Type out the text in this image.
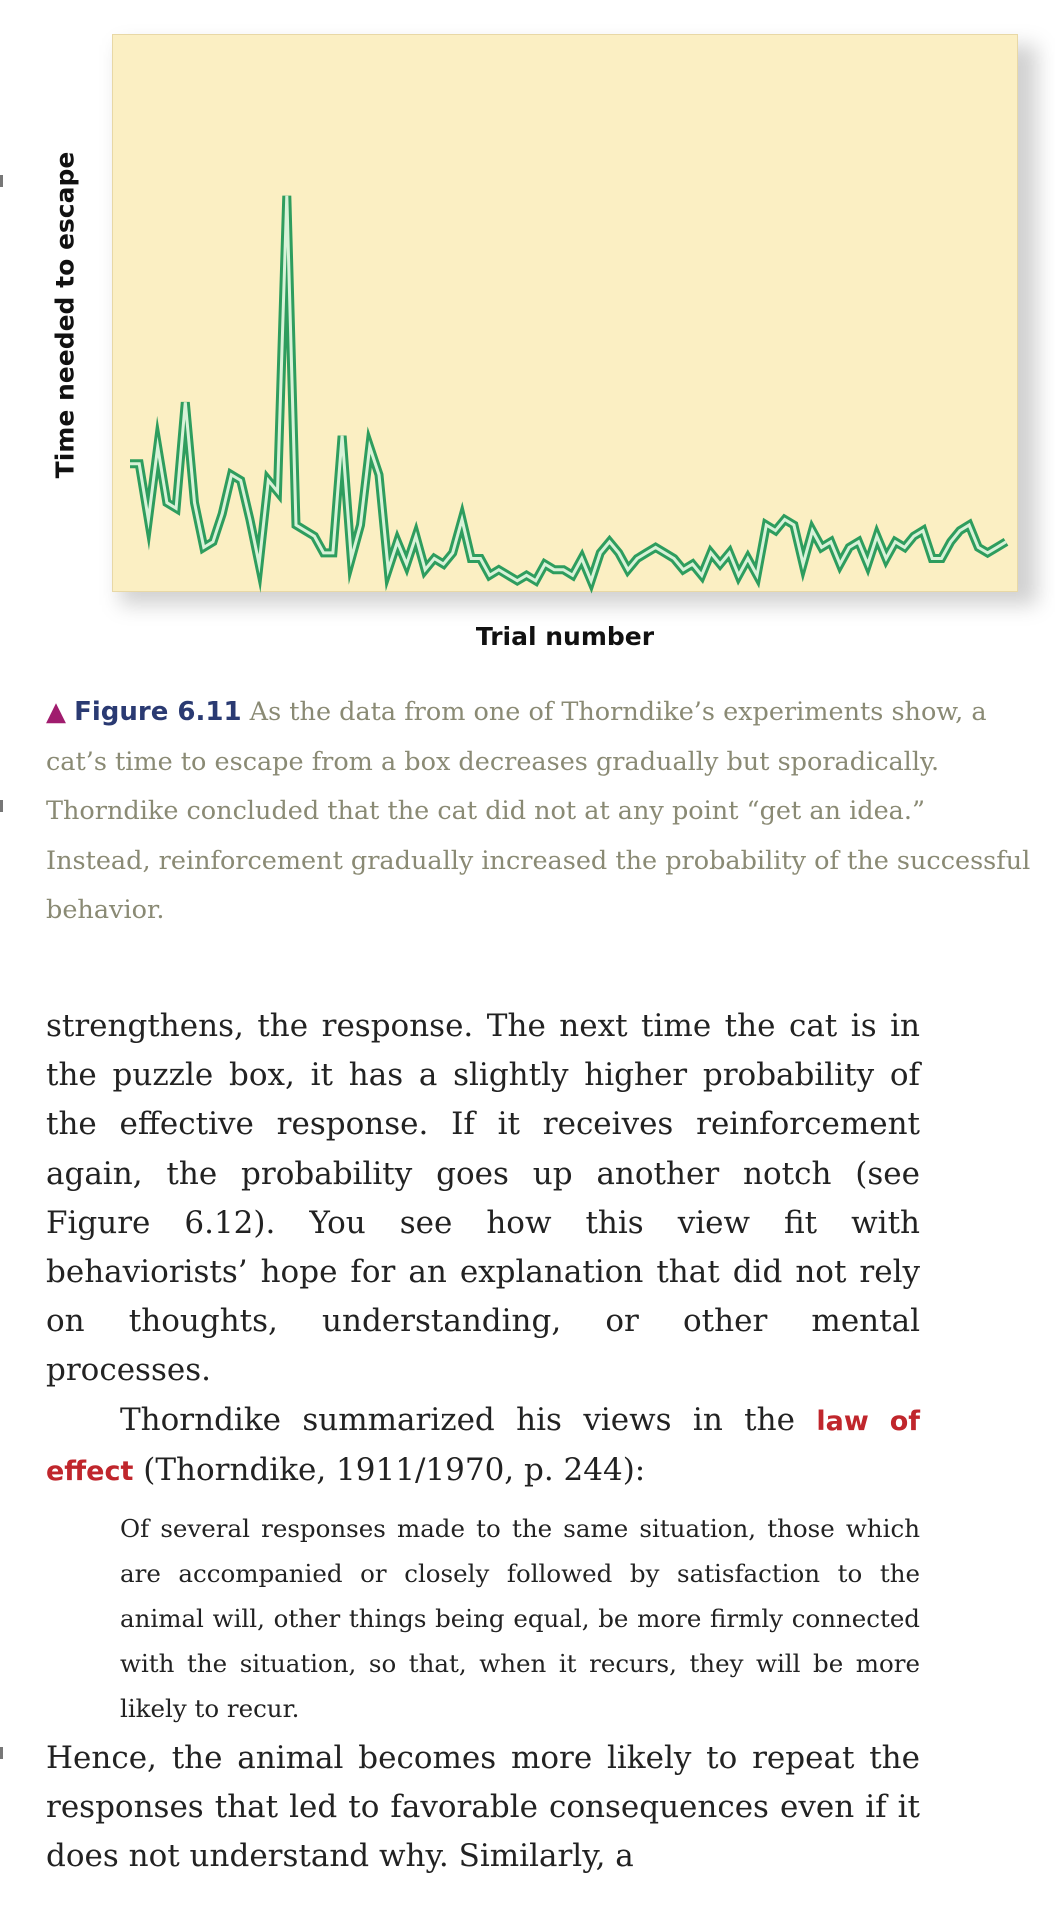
Time needed to escape
Trial number
▲ Figure 6.11 As the data from one of Thorndike’s experiments show, a cat’s time to escape from a box decreases gradually but sporadically. Thorndike concluded that the cat did not at any point “get an idea.” Instead, reinforcement gradually increased the probability of the successful behavior.

strengthens, the response. The next time the cat is in the puzzle box, it has a slightly higher probability of the effective response. If it receives reinforcement again, the probability goes up another notch (see Figure 6.12). You see how this view fit with behaviorists’ hope for an explanation that did not rely on thoughts, understanding, or other mental processes.

Thorndike summarized his views in the law of effect (Thorndike, 1911/1970, p. 244):

Of several responses made to the same situation, those which are accompanied or closely followed by satisfaction to the animal will, other things being equal, be more firmly connected with the situation, so that, when it recurs, they will be more likely to recur.

Hence, the animal becomes more likely to repeat the responses that led to favorable consequences even if it does not understand why. Similarly, a
